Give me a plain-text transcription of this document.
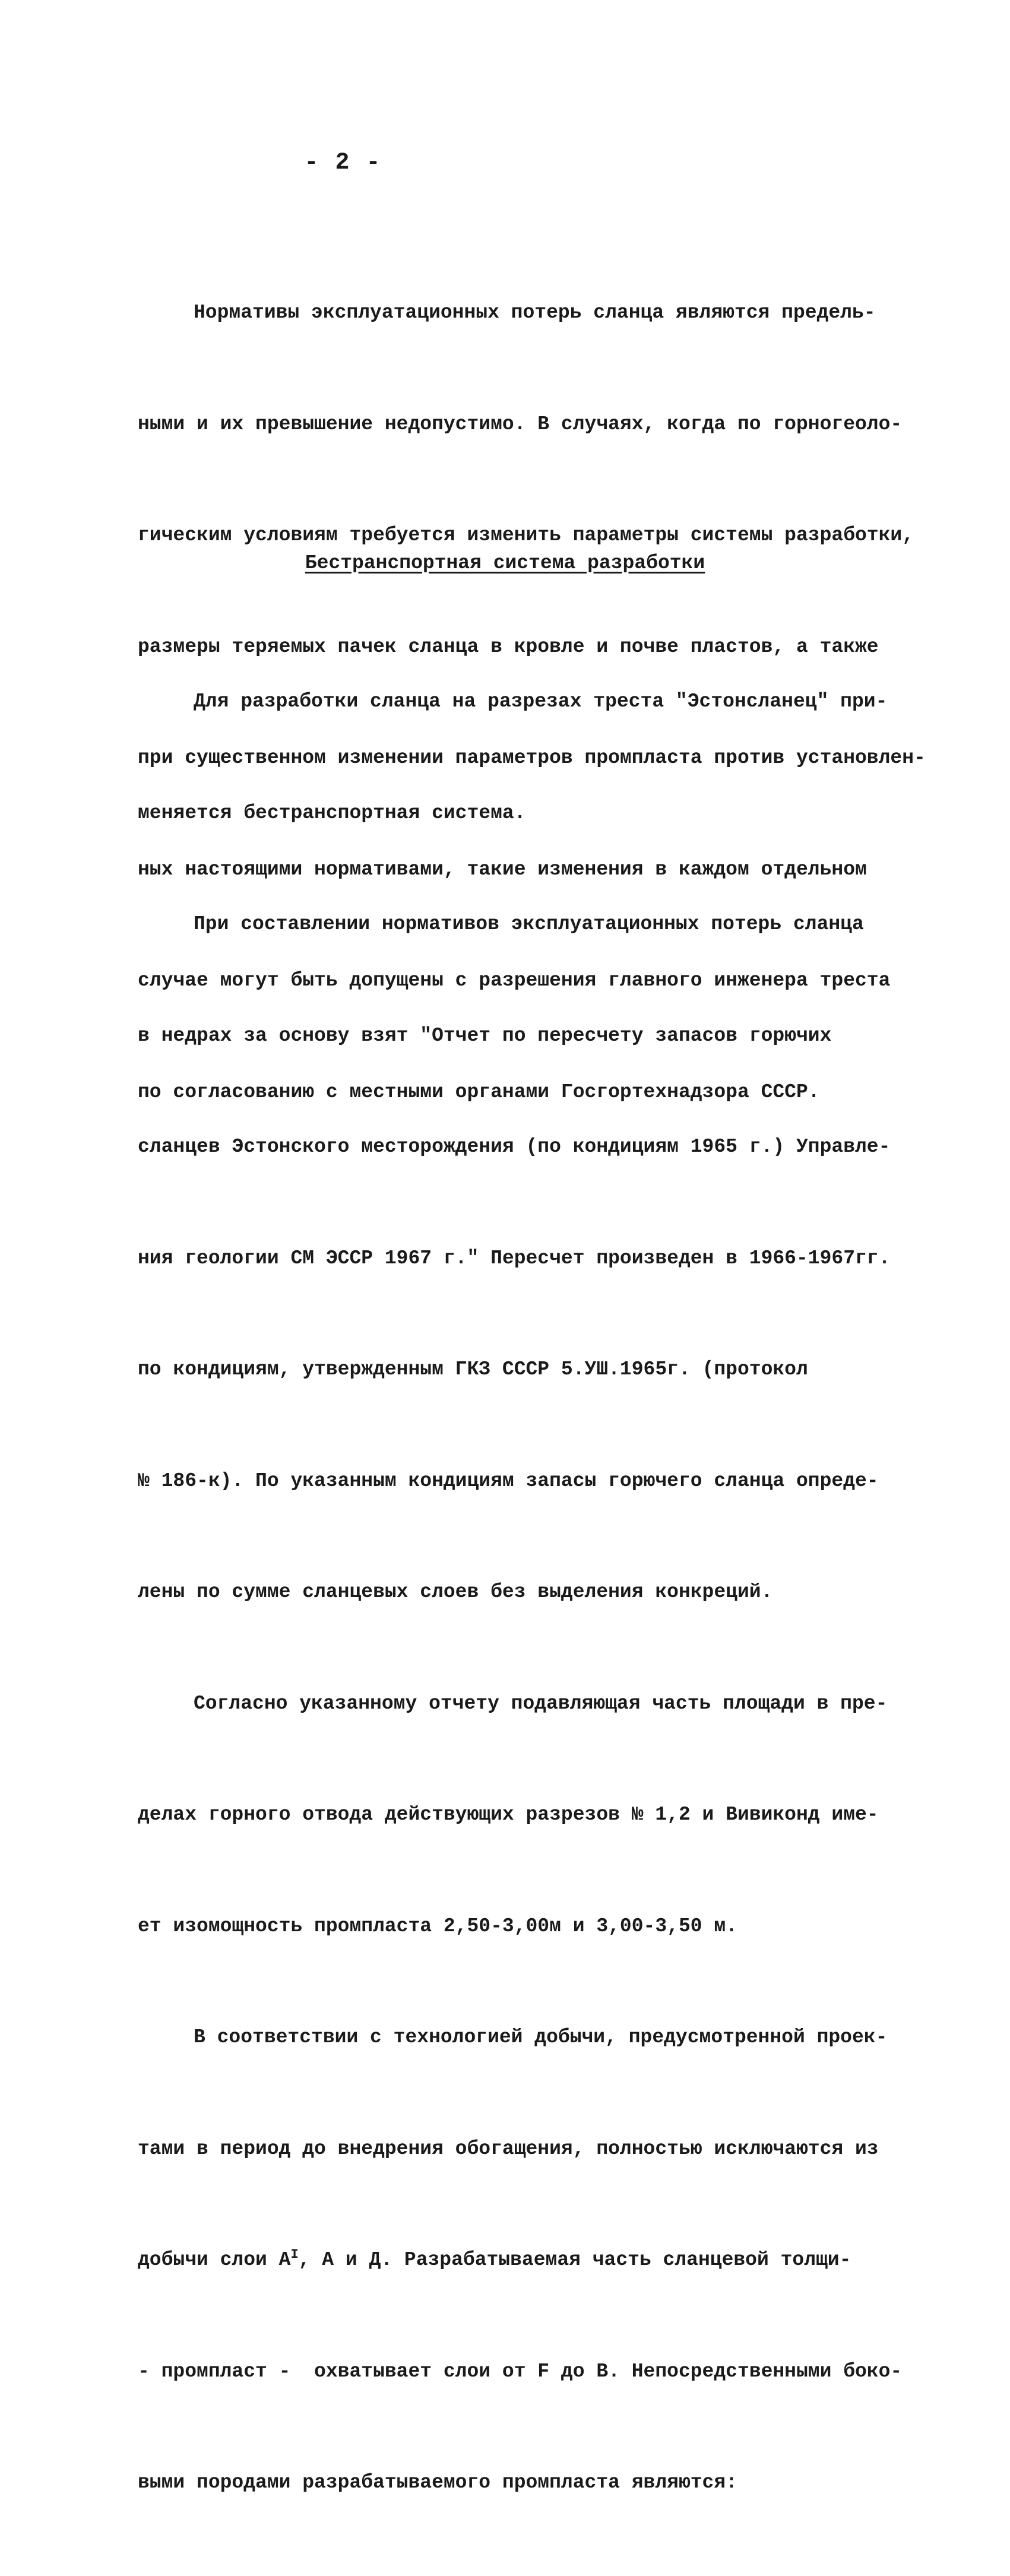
- 2 -

Нормативы эксплуатационных потерь сланца являются предель-

ными и их превышение недопустимо. В случаях, когда по горногеоло-

гическим условиям требуется изменить параметры системы разработки,

размеры теряемых пачек сланца в кровле и почве пластов, а также

при существенном изменении параметров промпласта против установлен-

ных настоящими нормативами, такие изменения в каждом отдельном

случае могут быть допущены с разрешения главного инженера треста

по согласованию с местными органами Госгортехнадзора СССР.

Бестранспортная система разработки

Для разработки сланца на разрезах треста "Эстонсланец" при-

меняется бестранспортная система.

При составлении нормативов эксплуатационных потерь сланца

в недрах за основу взят "Отчет по пересчету запасов горючих

сланцев Эстонского месторождения (по кондициям 1965 г.) Управле-

ния геологии СМ ЭССР 1967 г." Пересчет произведен в 1966-1967гг.

по кондициям, утвержденным ГКЗ СССР 5.УШ.1965г. (протокол

№ 186-к). По указанным кондициям запасы горючего сланца опреде-

лены по сумме сланцевых слоев без выделения конкреций.

Согласно указанному отчету подавляющая часть площади в пре-

делах горного отвода действующих разрезов № 1,2 и Вивиконд име-

ет изомощность промпласта 2,50-3,00м и 3,00-3,50 м.

В соответствии с технологией добычи, предусмотренной проек-

тами в период до внедрения обогащения, полностью исключаются из

добычи слои $А^I$, А и Д. Разрабатываемая часть сланцевой толщи-

- промпласт -  охватывает слои от F до В. Непосредственными боко-

выми породами разрабатываемого промпласта являются:
